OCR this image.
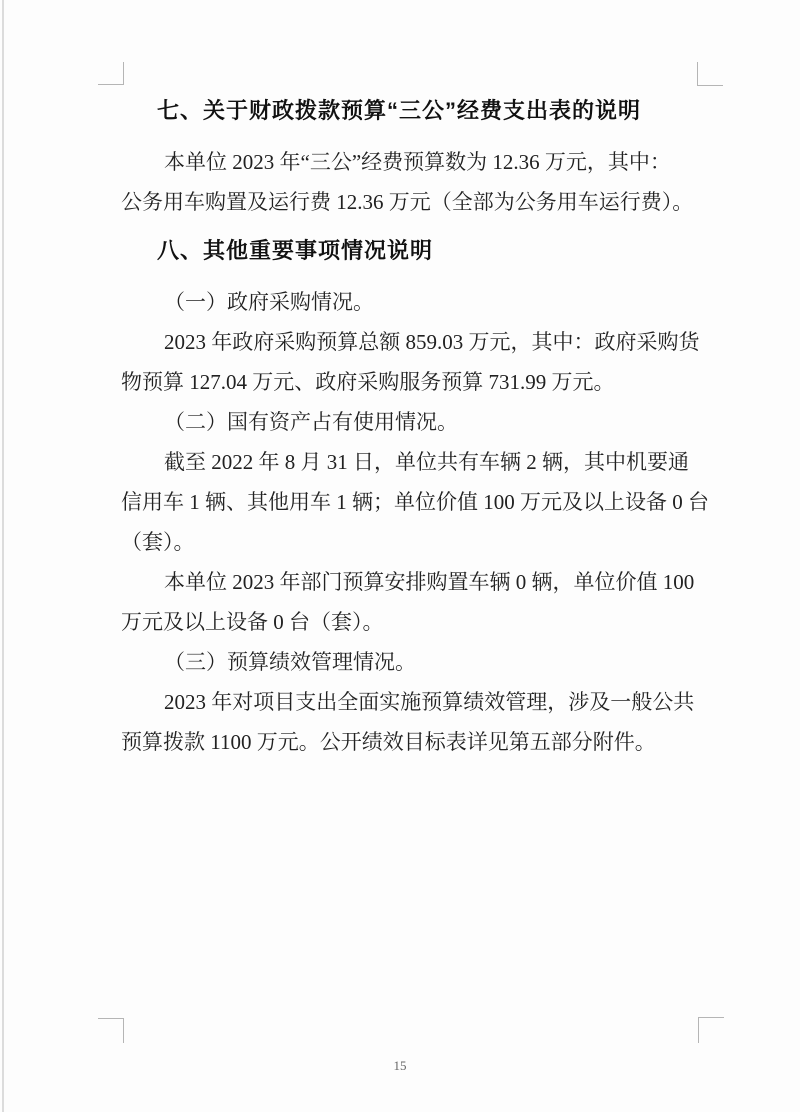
七、关于财政拨款预算“三公”经费支出表的说明
本单位 2023 年“三公”经费预算数为 12.36 万元，其中：
公务用车购置及运行费 12.36 万元（全部为公务用车运行费）。
八、其他重要事项情况说明
（一）政府采购情况。
2023 年政府采购预算总额 859.03 万元，其中：政府采购货
物预算 127.04 万元、政府采购服务预算 731.99 万元。
（二）国有资产占有使用情况。
截至 2022 年 8 月 31 日，单位共有车辆 2 辆，其中机要通
信用车 1 辆、其他用车 1 辆；单位价值 100 万元及以上设备 0 台
（套）。
本单位 2023 年部门预算安排购置车辆 0 辆，单位价值 100
万元及以上设备 0 台（套）。
（三）预算绩效管理情况。
2023 年对项目支出全面实施预算绩效管理，涉及一般公共
预算拨款 1100 万元。公开绩效目标表详见第五部分附件。
15
